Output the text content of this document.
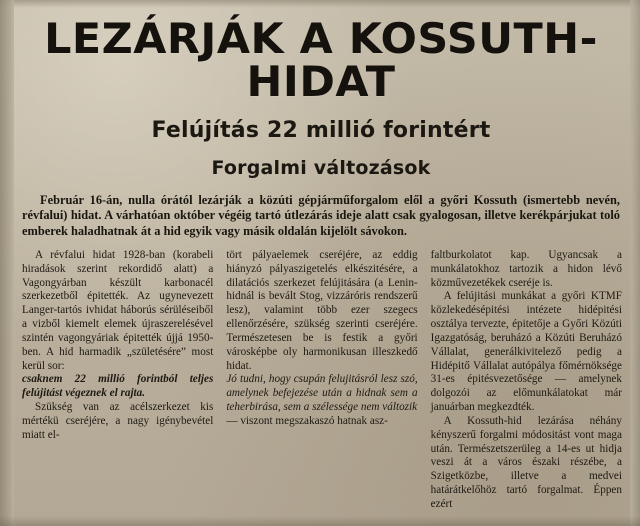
LEZÁRJÁK A KOSSUTH-HIDAT
Felújítás 22 millió forintért
Forgalmi változások

Február 16-án, nulla órától lezárják a közúti gépjárműforgalom elől a győri Kossuth (ismertebb nevén, révfalui) hidat. A várhatóan október végéig tartó útlezárás ideje alatt csak gyalogosan, illetve kerékpárjukat toló emberek haladhatnak át a hid egyik vagy másik oldalán kijelölt sávokon.

A révfalui hidat 1928-ban (korabeli hiradások szerint rekordidő alatt) a Vagongyárban készült karbonacél szerkezetből épitették. Az ugynevezett Langer-tartós ivhidat háborús sérüléseiből a vizből kiemelt elemek újraszerelésével szintén vagongyáriak épitették újjá 1950-ben. A hid harmadik „születésére” most kerül sor:

csaknem 22 millió forintból teljes felújitást végeznek el rajta.

Szükség van az acélszerkezet kis mértékü cseréjére, a nagy igénybevétel miatt el-

tört pályaelemek cseréjére, az eddig hiányzó pályaszigetelés elkészitésére, a dilatációs szerkezet felújitására (a Lenin-hidnál is bevált Stog, vizzáróris rendszerű lesz), valamint több ezer szegecs ellenőrzésére, szükség szerinti cseréjére. Természetesen be is festik a győri városképbe oly harmonikusan illeszkedő hidat.

Jó tudni, hogy csupán felujitásról lesz szó, amelynek befejezése után a hidnak sem a teherbirása, sem a szélessége nem változik

— viszont megszakaszó hatnak asz-

faltburkolatot kap. Ugyancsak a munkálatokhoz tartozik a hidon lévő közművezetékek cseréje is.

A felújitási munkákat a győri KTMF közlekedésépitési intézete hidépitési osztálya tervezte, épitetője a Győri Közúti Igazgatóság, beruházó a Közúti Beruházó Vállalat, generálkivitelező pedig a Hidépitő Vállalat autópálya főmérnöksége 31-es épitésvezetősége — amelynek dolgozói az előmunkálatokat már januárban megkezdték.

A Kossuth-hid lezárása néhány kényszerű forgalmi módositást vont maga után. Természetszerüleg a 14-es ut hidja veszi át a város északi részébe, a Szigetközbe, illetve a medvei határátkelőhöz tartó forgalmat. Éppen ezért
